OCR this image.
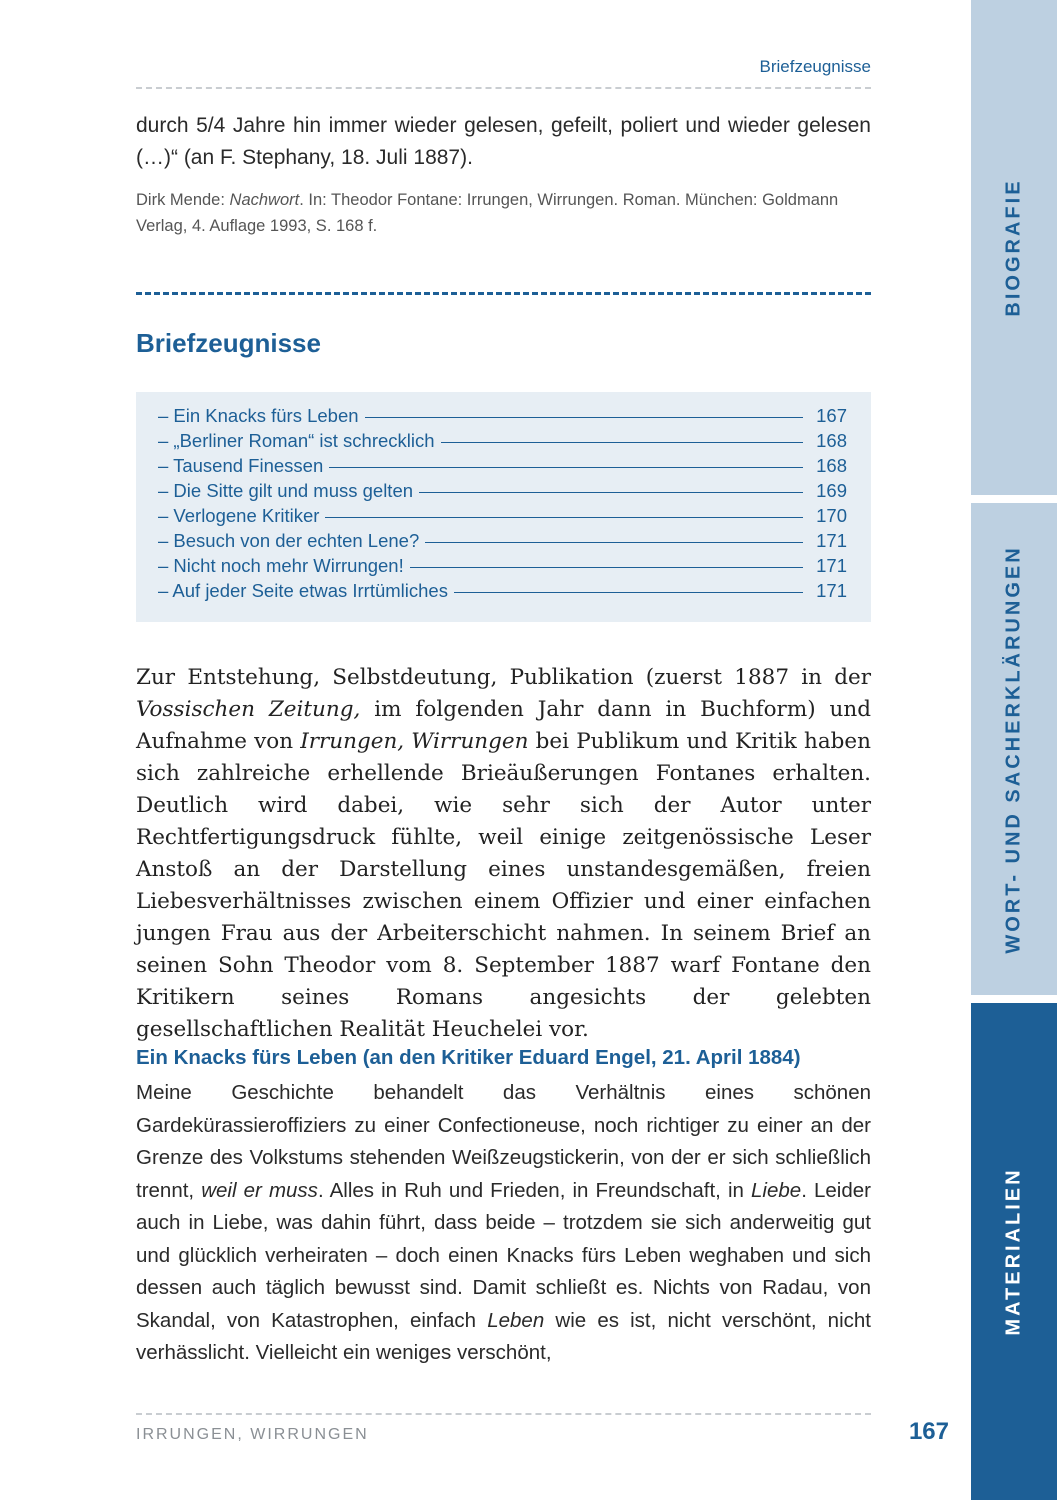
Briefzeugnisse
durch 5/4 Jahre hin immer wieder gelesen, gefeilt, poliert und wieder gelesen (…)“ (an F. Stephany, 18. Juli 1887).
Dirk Mende: Nachwort. In: Theodor Fontane: Irrungen, Wirrungen. Roman. München: Goldmann Verlag, 4. Auflage 1993, S. 168 f.
Briefzeugnisse
– Ein Knacks fürs Leben	167
– „Berliner Roman“ ist schrecklich	168
– Tausend Finessen	168
– Die Sitte gilt und muss gelten	169
– Verlogene Kritiker	170
– Besuch von der echten Lene?	171
– Nicht noch mehr Wirrungen!	171
– Auf jeder Seite etwas Irrtümliches	171
Zur Entstehung, Selbstdeutung, Publikation (zuerst 1887 in der Vossischen Zeitung, im folgenden Jahr dann in Buchform) und Aufnahme von Irrungen, Wirrungen bei Publikum und Kritik haben sich zahlreiche erhellende Brieäußerungen Fontanes erhalten. Deutlich wird dabei, wie sehr sich der Autor unter Rechtfertigungsdruck fühlte, weil einige zeitgenössische Leser Anstoß an der Darstellung eines unstandesgemäßen, freien Liebesverhältnisses zwischen einem Offizier und einer einfachen jungen Frau aus der Arbeiterschicht nahmen. In seinem Brief an seinen Sohn Theodor vom 8. September 1887 warf Fontane den Kritikern seines Romans angesichts der gelebten gesellschaftlichen Realität Heuchelei vor.
Ein Knacks fürs Leben (an den Kritiker Eduard Engel, 21. April 1884)
Meine Geschichte behandelt das Verhältnis eines schönen Gardekürassieroffiziers zu einer Confectioneuse, noch richtiger zu einer an der Grenze des Volkstums stehenden Weißzeugstickerin, von der er sich schließlich trennt, weil er muss. Alles in Ruh und Frieden, in Freundschaft, in Liebe. Leider auch in Liebe, was dahin führt, dass beide – trotzdem sie sich anderweitig gut und glücklich verheiraten – doch einen Knacks fürs Leben weghaben und sich dessen auch täglich bewusst sind. Damit schließt es. Nichts von Radau, von Skandal, von Katastrophen, einfach Leben wie es ist, nicht verschönt, nicht verhässlicht. Vielleicht ein weniges verschönt,
IRRUNGEN, WIRRUNGEN	167
BIOGRAFIE
WORT- UND SACHERKLÄRUNGEN
MATERIALIEN
